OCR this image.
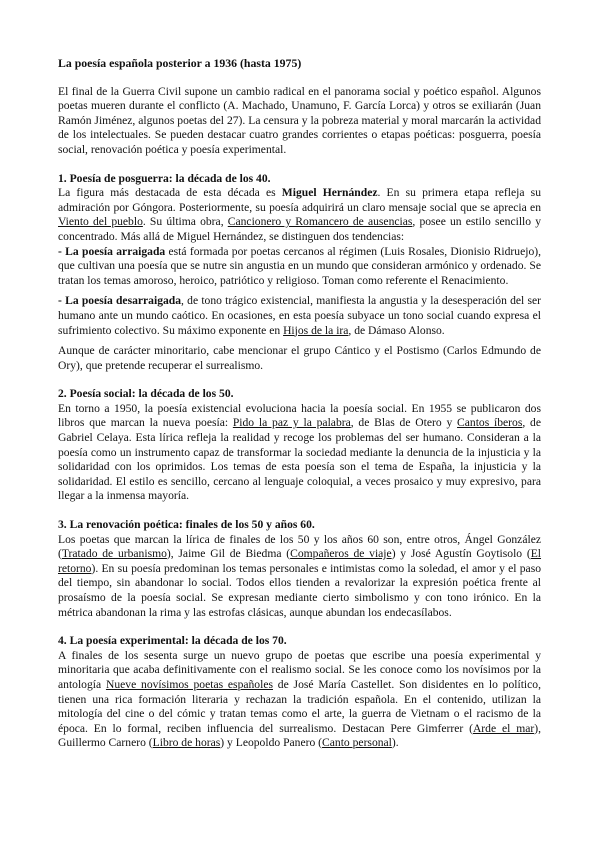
La poesía española posterior a 1936 (hasta 1975)

El final de la Guerra Civil supone un cambio radical en el panorama social y poético español. Algunos poetas mueren durante el conflicto (A. Machado, Unamuno, F. García Lorca) y otros se exiliarán (Juan Ramón Jiménez, algunos poetas del 27). La censura y la pobreza material y moral marcarán la actividad de los intelectuales. Se pueden destacar cuatro grandes corrientes o etapas poéticas: posguerra, poesía social, renovación poética y poesía experimental.

1. Poesía de posguerra: la década de los 40.

La figura más destacada de esta década es Miguel Hernández. En su primera etapa refleja su admiración por Góngora. Posteriormente, su poesía adquirirá un claro mensaje social que se aprecia en Viento del pueblo. Su última obra, Cancionero y Romancero de ausencias, posee un estilo sencillo y concentrado. Más allá de Miguel Hernández, se distinguen dos tendencias:

- La poesía arraigada está formada por poetas cercanos al régimen (Luis Rosales, Dionisio Ridruejo), que cultivan una poesía que se nutre sin angustia en un mundo que consideran armónico y ordenado. Se tratan los temas amoroso, heroico, patriótico y religioso. Toman como referente el Renacimiento.

- La poesía desarraigada, de tono trágico existencial, manifiesta la angustia y la desesperación del ser humano ante un mundo caótico. En ocasiones, en esta poesía subyace un tono social cuando expresa el sufrimiento colectivo. Su máximo exponente en Hijos de la ira, de Dámaso Alonso.

Aunque de carácter minoritario, cabe mencionar el grupo Cántico y el Postismo (Carlos Edmundo de Ory), que pretende recuperar el surrealismo.

2. Poesía social: la década de los 50.

En torno a 1950, la poesía existencial evoluciona hacia la poesía social. En 1955 se publicaron dos libros que marcan la nueva poesía: Pido la paz y la palabra, de Blas de Otero y Cantos íberos, de Gabriel Celaya. Esta lírica refleja la realidad y recoge los problemas del ser humano. Consideran a la poesía como un instrumento capaz de transformar la sociedad mediante la denuncia de la injusticia y la solidaridad con los oprimidos. Los temas de esta poesía son el tema de España, la injusticia y la solidaridad. El estilo es sencillo, cercano al lenguaje coloquial, a veces prosaico y muy expresivo, para llegar a la inmensa mayoría.

3. La renovación poética: finales de los 50 y años 60.

Los poetas que marcan la lírica de finales de los 50 y los años 60 son, entre otros, Ángel González (Tratado de urbanismo), Jaime Gil de Biedma (Compañeros de viaje) y José Agustín Goytisolo (El retorno). En su poesía predominan los temas personales e intimistas como la soledad, el amor y el paso del tiempo, sin abandonar lo social. Todos ellos tienden a revalorizar la expresión poética frente al prosaísmo de la poesía social. Se expresan mediante cierto simbolismo y con tono irónico. En la métrica abandonan la rima y las estrofas clásicas, aunque abundan los endecasílabos.

4. La poesía experimental: la década de los 70.

A finales de los sesenta surge un nuevo grupo de poetas que escribe una poesía experimental y minoritaria que acaba definitivamente con el realismo social. Se les conoce como los novísimos por la antología Nueve novísimos poetas españoles de José María Castellet. Son disidentes en lo político, tienen una rica formación literaria y rechazan la tradición española. En el contenido, utilizan la mitología del cine o del cómic y tratan temas como el arte, la guerra de Vietnam o el racismo de la época. En lo formal, reciben influencia del surrealismo. Destacan Pere Gimferrer (Arde el mar), Guillermo Carnero (Libro de horas) y Leopoldo Panero (Canto personal).
